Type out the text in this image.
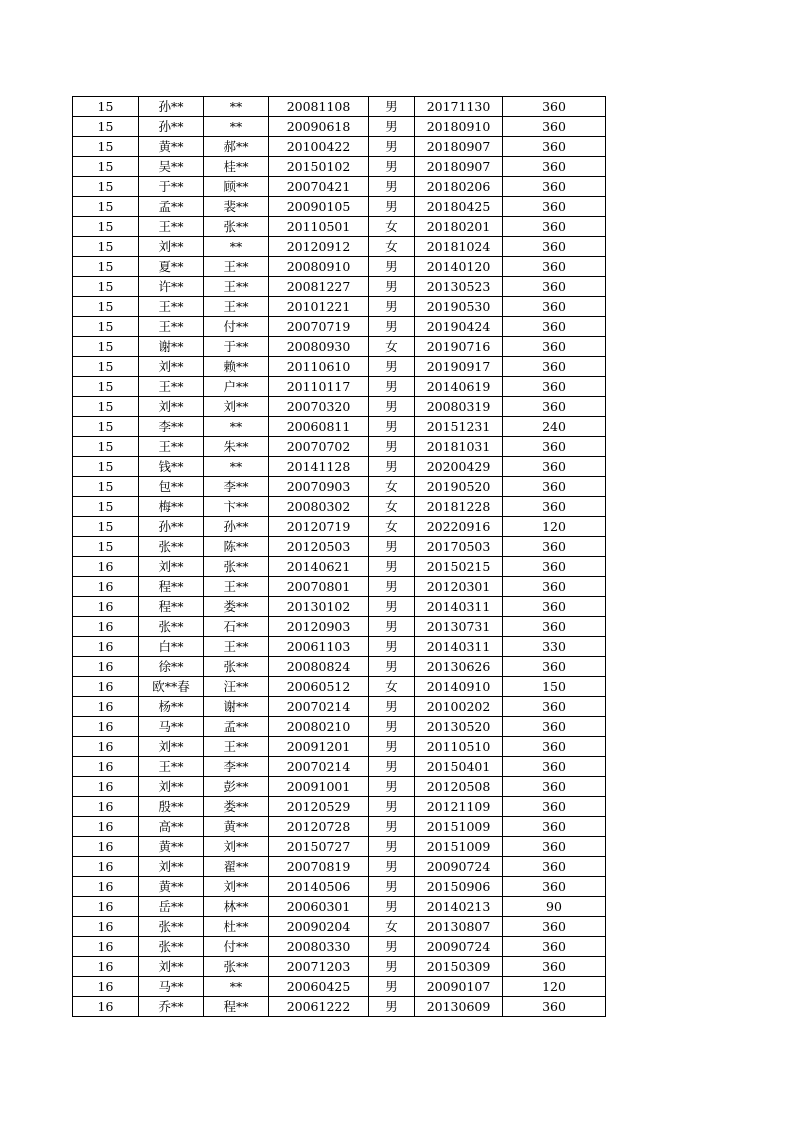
15	孙**	**	20081108	男	20171130	360
15	孙**	**	20090618	男	20180910	360
15	黄**	郝**	20100422	男	20180907	360
15	吴**	桂**	20150102	男	20180907	360
15	于**	顾**	20070421	男	20180206	360
15	孟**	裴**	20090105	男	20180425	360
15	王**	张**	20110501	女	20180201	360
15	刘**	**	20120912	女	20181024	360
15	夏**	王**	20080910	男	20140120	360
15	许**	王**	20081227	男	20130523	360
15	王**	王**	20101221	男	20190530	360
15	王**	付**	20070719	男	20190424	360
15	谢**	于**	20080930	女	20190716	360
15	刘**	赖**	20110610	男	20190917	360
15	王**	户**	20110117	男	20140619	360
15	刘**	刘**	20070320	男	20080319	360
15	李**	**	20060811	男	20151231	240
15	王**	朱**	20070702	男	20181031	360
15	钱**	**	20141128	男	20200429	360
15	包**	李**	20070903	女	20190520	360
15	梅**	卞**	20080302	女	20181228	360
15	孙**	孙**	20120719	女	20220916	120
15	张**	陈**	20120503	男	20170503	360
16	刘**	张**	20140621	男	20150215	360
16	程**	王**	20070801	男	20120301	360
16	程**	娄**	20130102	男	20140311	360
16	张**	石**	20120903	男	20130731	360
16	白**	王**	20061103	男	20140311	330
16	徐**	张**	20080824	男	20130626	360
16	欧**春	汪**	20060512	女	20140910	150
16	杨**	谢**	20070214	男	20100202	360
16	马**	孟**	20080210	男	20130520	360
16	刘**	王**	20091201	男	20110510	360
16	王**	李**	20070214	男	20150401	360
16	刘**	彭**	20091001	男	20120508	360
16	殷**	娄**	20120529	男	20121109	360
16	高**	黄**	20120728	男	20151009	360
16	黄**	刘**	20150727	男	20151009	360
16	刘**	翟**	20070819	男	20090724	360
16	黄**	刘**	20140506	男	20150906	360
16	岳**	林**	20060301	男	20140213	90
16	张**	杜**	20090204	女	20130807	360
16	张**	付**	20080330	男	20090724	360
16	刘**	张**	20071203	男	20150309	360
16	马**	**	20060425	男	20090107	120
16	乔**	程**	20061222	男	20130609	360
